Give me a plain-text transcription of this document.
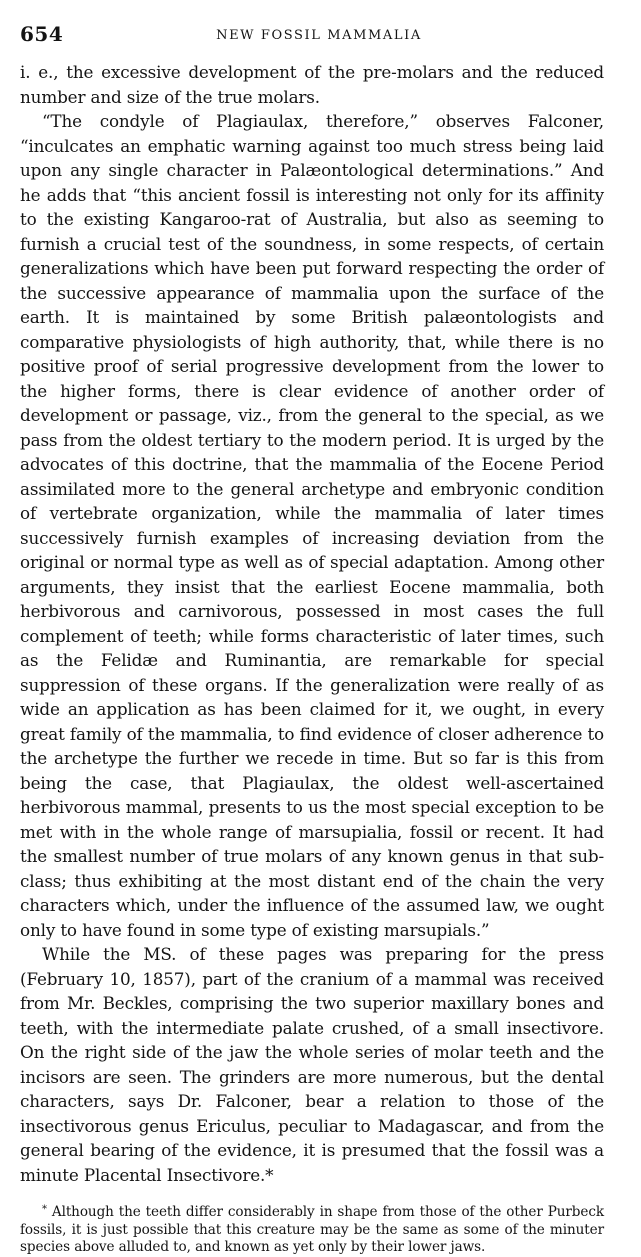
654	NEW FOSSIL MAMMALIA

i. e., the excessive development of the pre-molars and the reduced number and size of the true molars.

“The condyle of Plagiaulax, therefore,” observes Falconer, “inculcates an emphatic warning against too much stress being laid upon any single character in Palæontological determinations.” And he adds that “this ancient fossil is interesting not only for its affinity to the existing Kangaroo-rat of Australia, but also as seeming to furnish a crucial test of the soundness, in some respects, of certain generalizations which have been put forward respecting the order of the successive appearance of mammalia upon the surface of the earth. It is maintained by some British palæontologists and comparative physiologists of high authority, that, while there is no positive proof of serial progressive development from the lower to the higher forms, there is clear evidence of another order of development or passage, viz., from the general to the special, as we pass from the oldest tertiary to the modern period. It is urged by the advocates of this doctrine, that the mammalia of the Eocene Period assimilated more to the general archetype and embryonic condition of vertebrate organization, while the mammalia of later times successively furnish examples of increasing deviation from the original or normal type as well as of special adaptation. Among other arguments, they insist that the earliest Eocene mammalia, both herbivorous and carnivorous, possessed in most cases the full complement of teeth; while forms characteristic of later times, such as the Felidæ and Ruminantia, are remarkable for special suppression of these organs. If the generalization were really of as wide an application as has been claimed for it, we ought, in every great family of the mammalia, to find evidence of closer adherence to the archetype the further we recede in time. But so far is this from being the case, that Plagiaulax, the oldest well-ascertained herbivorous mammal, presents to us the most special exception to be met with in the whole range of marsupialia, fossil or recent. It had the smallest number of true molars of any known genus in that sub-class; thus exhibiting at the most distant end of the chain the very characters which, under the influence of the assumed law, we ought only to have found in some type of existing marsupials.”

While the MS. of these pages was preparing for the press (February 10, 1857), part of the cranium of a mammal was received from Mr. Beckles, comprising the two superior maxillary bones and teeth, with the intermediate palate crushed, of a small insectivore. On the right side of the jaw the whole series of molar teeth and the incisors are seen. The grinders are more numerous, but the dental characters, says Dr. Falconer, bear a relation to those of the insectivorous genus Ericulus, peculiar to Madagascar, and from the general bearing of the evidence, it is presumed that the fossil was a minute Placental Insectivore.*

* Although the teeth differ considerably in shape from those of the other Purbeck fossils, it is just possible that this creature may be the same as some of the minuter species above alluded to, and known as yet only by their lower jaws.
